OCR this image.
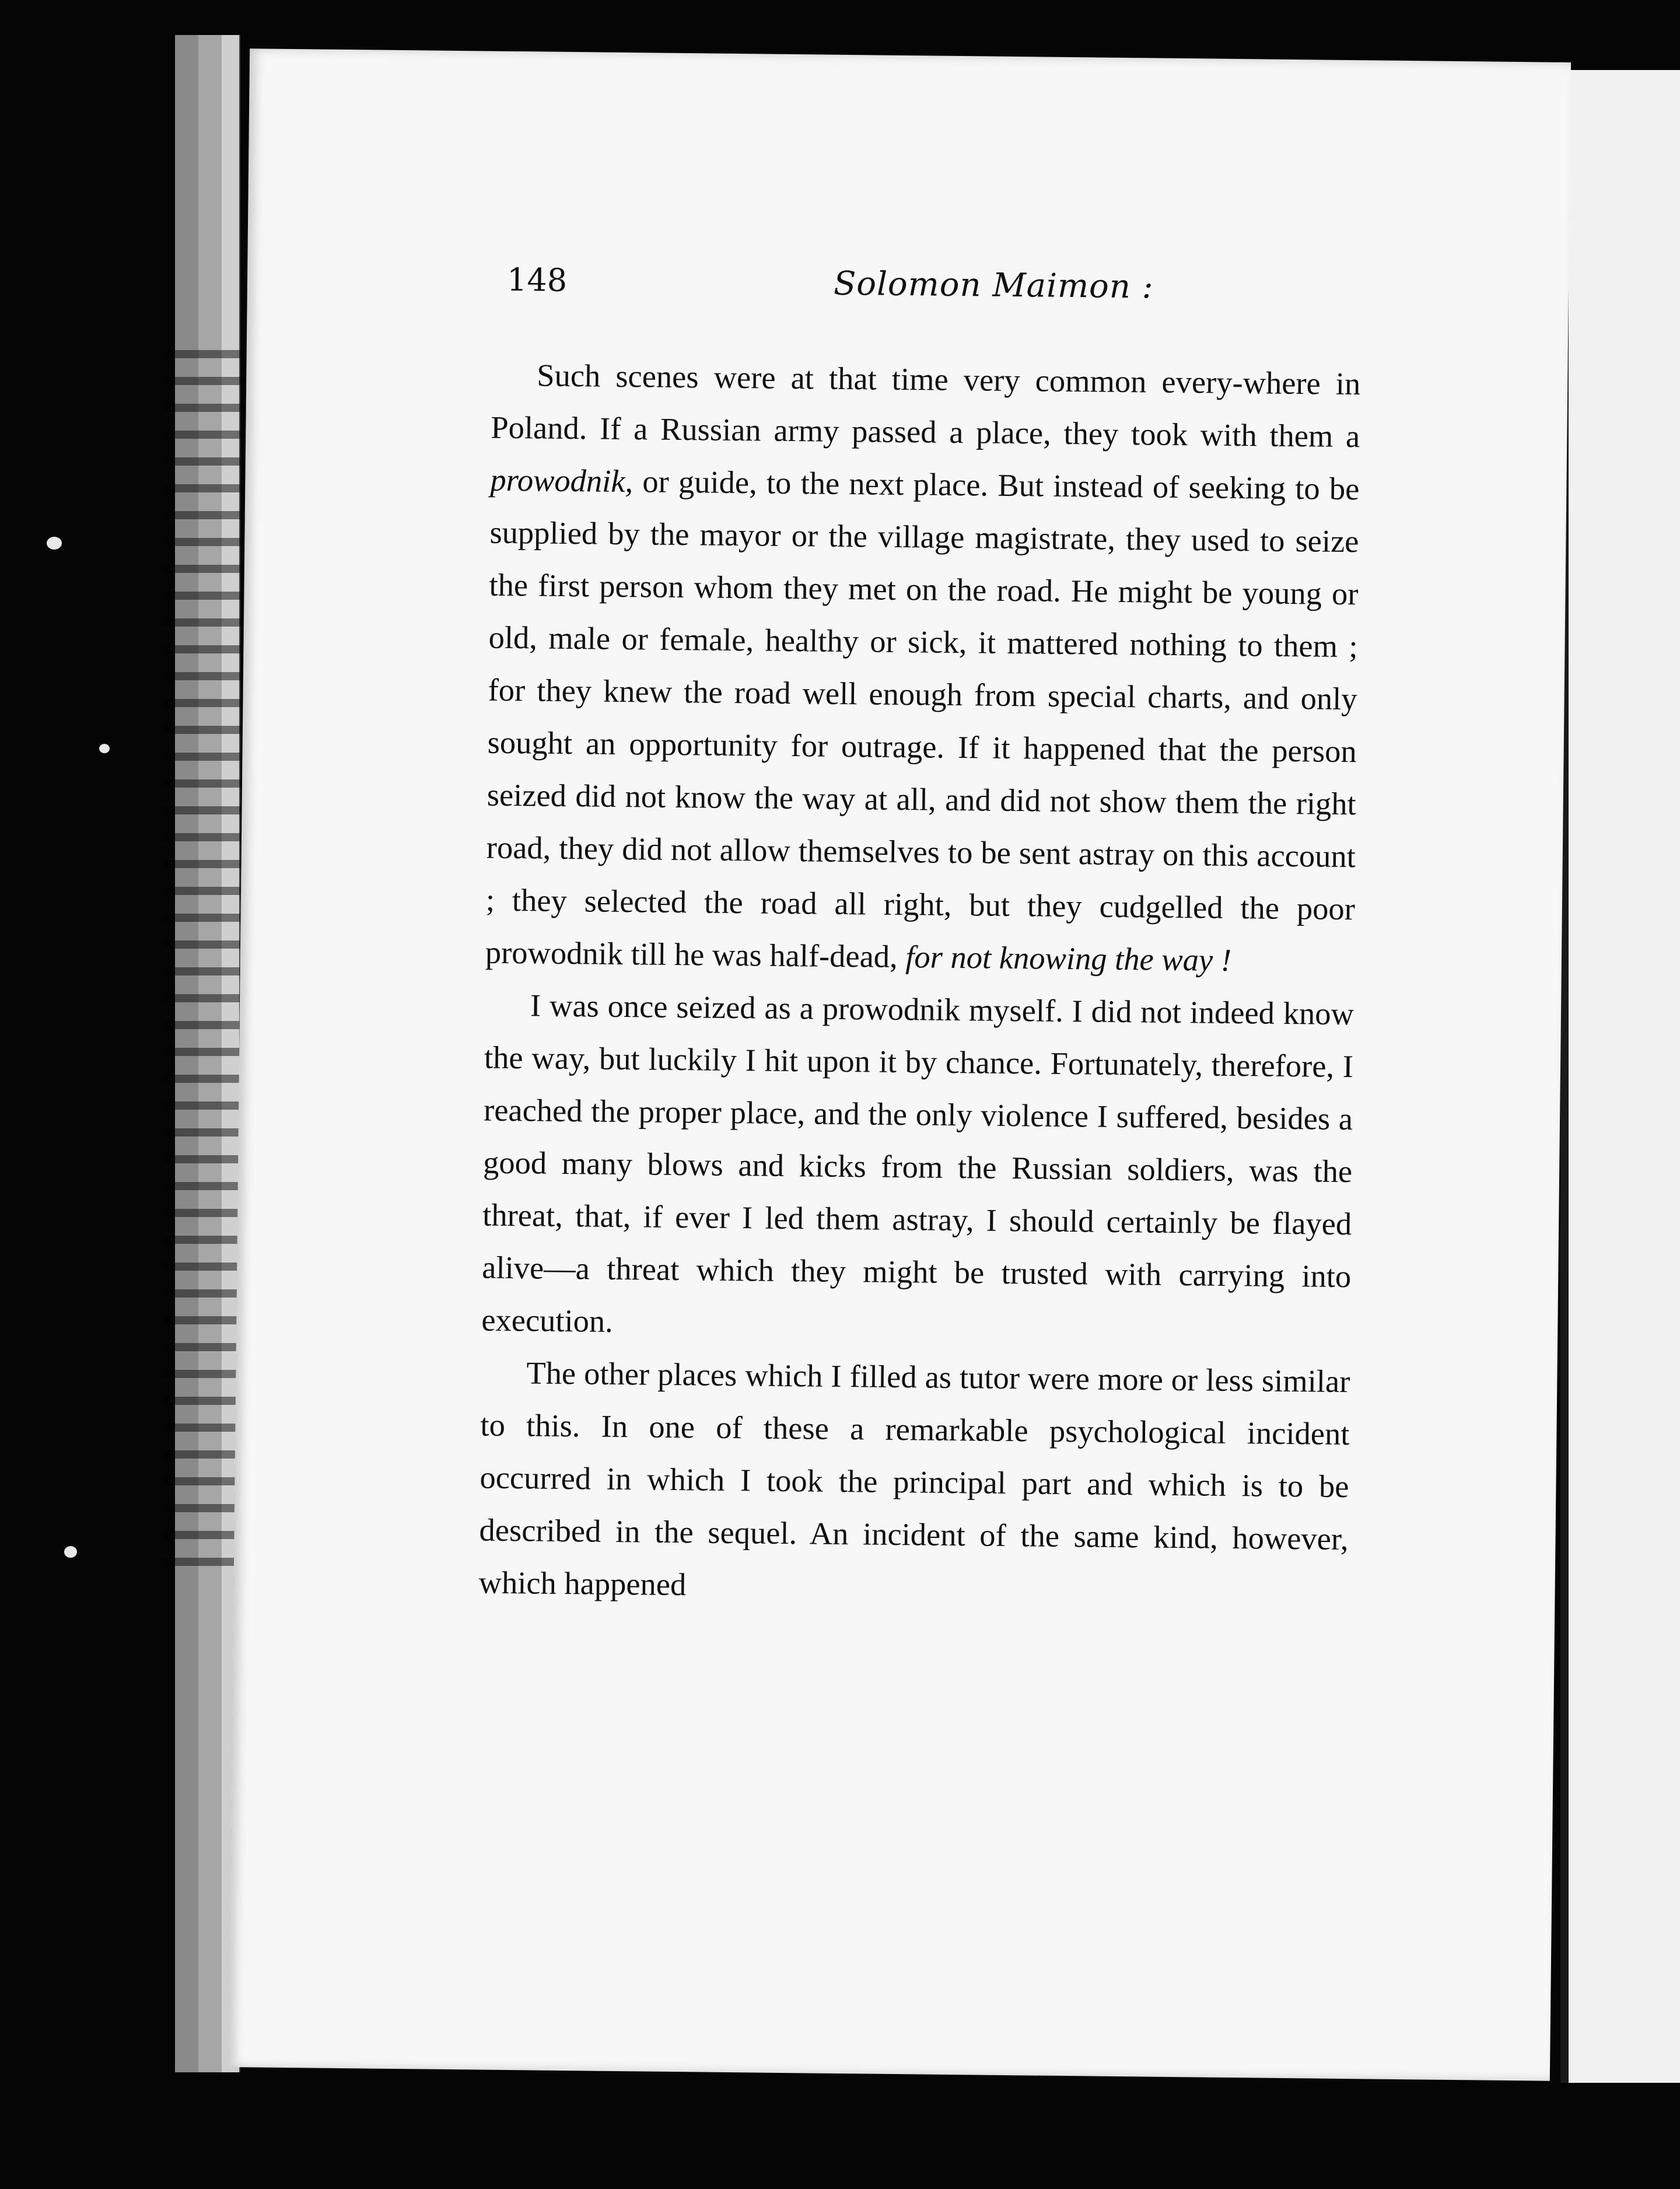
148	Solomon Maimon :

Such scenes were at that time very common every-where in Poland. If a Russian army passed a place, they took with them a prowodnik, or guide, to the next place. But instead of seeking to be supplied by the mayor or the village magistrate, they used to seize the first person whom they met on the road. He might be young or old, male or female, healthy or sick, it mattered nothing to them ; for they knew the road well enough from special charts, and only sought an opportunity for outrage. If it happened that the person seized did not know the way at all, and did not show them the right road, they did not allow themselves to be sent astray on this account ; they selected the road all right, but they cudgelled the poor prowodnik till he was half-dead, for not knowing the way !

I was once seized as a prowodnik myself. I did not indeed know the way, but luckily I hit upon it by chance. Fortunately, therefore, I reached the proper place, and the only violence I suffered, besides a good many blows and kicks from the Russian soldiers, was the threat, that, if ever I led them astray, I should certainly be flayed alive—a threat which they might be trusted with carrying into execution.

The other places which I filled as tutor were more or less similar to this. In one of these a remarkable psychological incident occurred in which I took the principal part and which is to be described in the sequel. An incident of the same kind, however, which happened
